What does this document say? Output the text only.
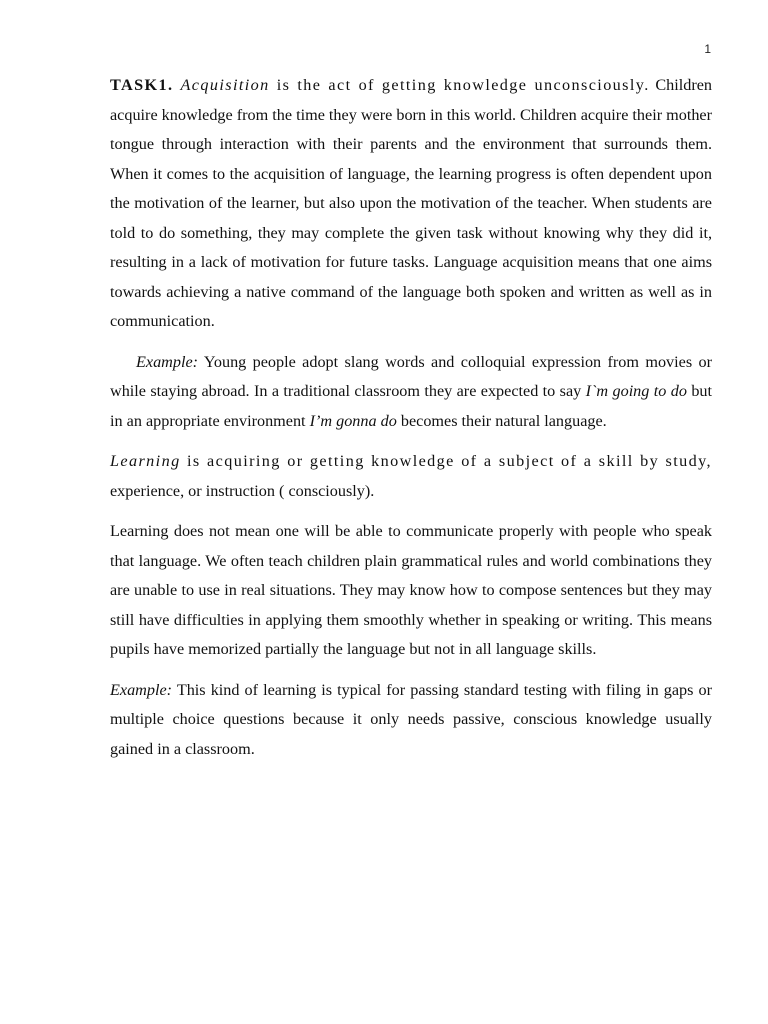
1

TASK1. Acquisition is the act of getting knowledge unconsciously. Children acquire knowledge from the time they were born in this world. Children acquire their mother tongue through interaction with their parents and the environment that surrounds them. When it comes to the acquisition of language, the learning progress is often dependent upon the motivation of the learner, but also upon the motivation of the teacher. When students are told to do something, they may complete the given task without knowing why they did it, resulting in a lack of motivation for future tasks. Language acquisition means that one aims towards achieving a native command of the language both spoken and written as well as in communication.

Example: Young people adopt slang words and colloquial expression from movies or while staying abroad. In a traditional classroom they are expected to say I`m going to do but in an appropriate environment I’m gonna do becomes their natural language.

Learning is acquiring or getting knowledge of a subject of a skill by study, experience, or instruction ( consciously).

Learning does not mean one will be able to communicate properly with people who speak that language. We often teach children plain grammatical rules and world combinations they are unable to use in real situations. They may know how to compose sentences but they may still have difficulties in applying them smoothly whether in speaking or writing. This means pupils have memorized partially the language but not in all language skills.

Example: This kind of learning is typical for passing standard testing with filing in gaps or multiple choice questions because it only needs passive, conscious knowledge usually gained in a classroom.
